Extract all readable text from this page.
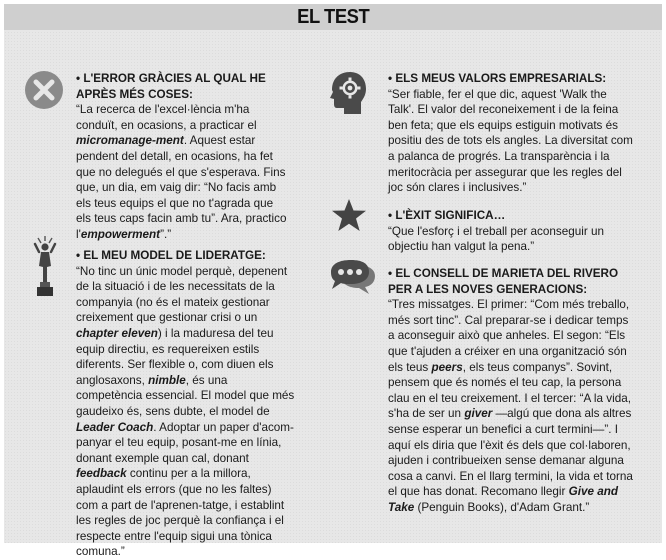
EL TEST

• L'ERROR GRÀCIES AL QUAL HE APRÈS MÉS COSES:

“La recerca de l'excel·lència m'ha conduït, en ocasions, a practicar el micromanage-ment. Aquest estar pendent del detall, en ocasions, ha fet que no delegués el que s'esperava. Fins que, un dia, em vaig dir: “No facis amb els teus equips el que no t'agrada que els teus caps facin amb tu”. Ara, practico l'empowerment”.”

• EL MEU MODEL DE LIDERATGE:

“No tinc un únic model perquè, depenent de la situació i de les necessitats de la companyia (no és el mateix gestionar creixement que gestionar crisi o un chapter eleven) i la maduresa del teu equip directiu, es requereixen estils diferents. Ser flexible o, com diuen els anglosaxons, nimble, és una competència essencial. El model que més gaudeixo és, sens dubte, el model de Leader Coach. Adoptar un paper d'acom-panyar el teu equip, posant-me en línia, donant exemple quan cal, donant feedback continu per a la millora, aplaudint els errors (que no les faltes) com a part de l'aprenen-tatge, i establint les regles de joc perquè la confiança i el respecte entre l'equip sigui una tònica comuna.”

• ELS MEUS VALORS EMPRESARIALS:

“Ser fiable, fer el que dic, aquest 'Walk the Talk'. El valor del reconeixement i de la feina ben feta; que els equips estiguin motivats és positiu des de tots els angles. La diversitat com a palanca de progrés. La transparència i la meritocràcia per assegurar que les regles del joc són clares i inclusives.”

• L'ÈXIT SIGNIFICA…

“Que l'esforç i el treball per aconseguir un objectiu han valgut la pena.”

• EL CONSELL DE MARIETA DEL RIVERO PER A LES NOVES GENERACIONS:

“Tres missatges. El primer: “Com més treballo, més sort tinc”. Cal preparar-se i dedicar temps a aconseguir això que anheles. El segon: “Els que t'ajuden a créixer en una organització són els teus peers, els teus companys”. Sovint, pensem que és només el teu cap, la persona clau en el teu creixement. I el tercer: “A la vida, s'ha de ser un giver —algú que dona als altres sense esperar un benefici a curt termini—”. I aquí els diria que l'èxit és dels que col·laboren, ajuden i contribueixen sense demanar alguna cosa a canvi. En el llarg termini, la vida et torna el que has donat. Recomano llegir Give and Take (Penguin Books), d'Adam Grant.”
